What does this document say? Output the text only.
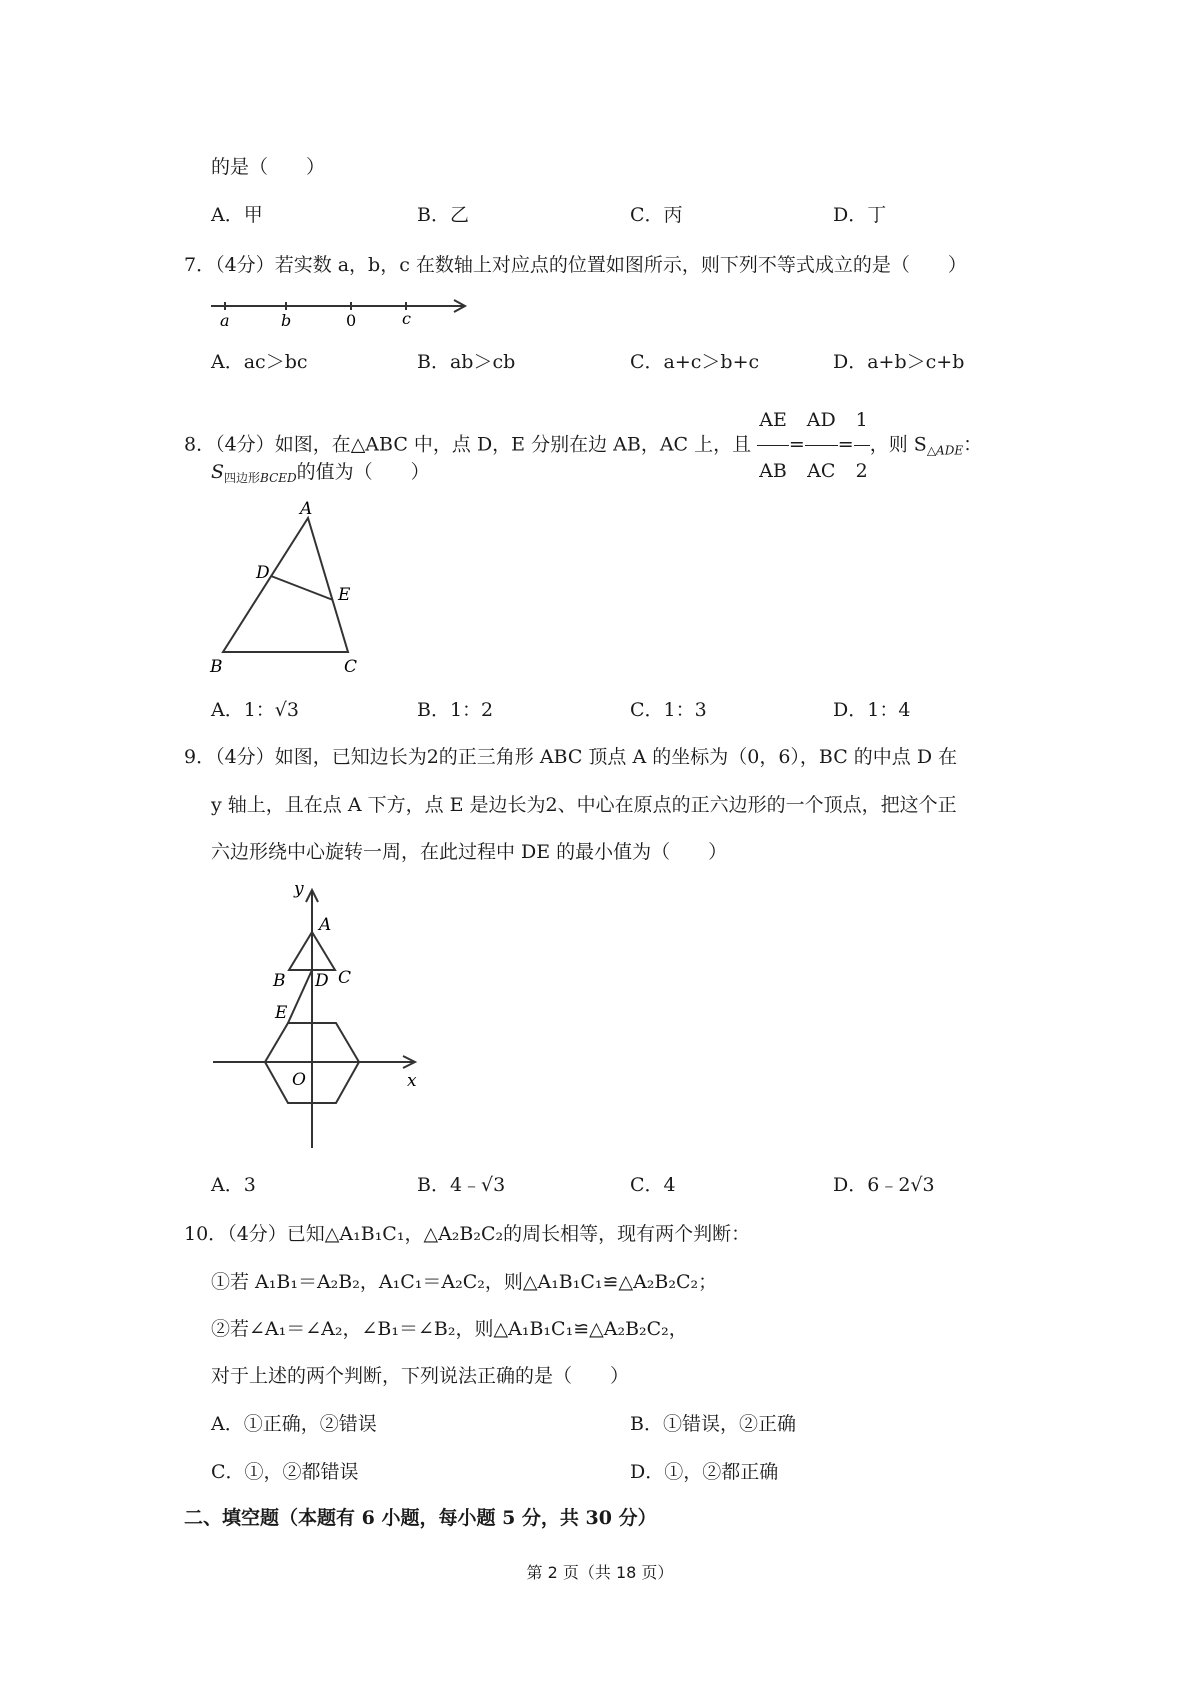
的是（　　）
A．甲	B．乙	C．丙	D．丁
7．（4分）若实数 a，b，c 在数轴上对应点的位置如图所示，则下列不等式成立的是（　　）
a	b	0	c
A．ac＞bc	B．ab＞cb	C．a+c＞b+c	D．a+b＞c+b
8．（4分）如图，在△ABC 中，点 D，E 分别在边 AB，AC 上，且 $\frac{AE}{AB} = \frac{AD}{AC} = \frac{1}{2}$ ，则 $S_{\triangle ADE}$：
$S_{四边形BCED}$的值为（　　）
A
D
E
B	C
A．1：√3	B．1：2	C．1：3	D．1：4
9．（4分）如图，已知边长为2的正三角形 ABC 顶点 A 的坐标为（0，6），BC 的中点 D 在
y 轴上，且在点 A 下方，点 E 是边长为2、中心在原点的正六边形的一个顶点，把这个正
六边形绕中心旋转一周，在此过程中 DE 的最小值为（　　）
y
A
B D C
E
O	x
A．3	B．4﹣√3	C．4	D．6﹣2√3
10．（4分）已知△A₁B₁C₁，△A₂B₂C₂的周长相等，现有两个判断：
①若 A₁B₁＝A₂B₂，A₁C₁＝A₂C₂，则△A₁B₁C₁≌△A₂B₂C₂；
②若∠A₁＝∠A₂，∠B₁＝∠B₂，则△A₁B₁C₁≌△A₂B₂C₂，
对于上述的两个判断，下列说法正确的是（　　）
A．①正确，②错误	B．①错误，②正确
C．①，②都错误	D．①，②都正确
二、填空题（本题有 6 小题，每小题 5 分，共 30 分）
第 2 页（共 18 页）
